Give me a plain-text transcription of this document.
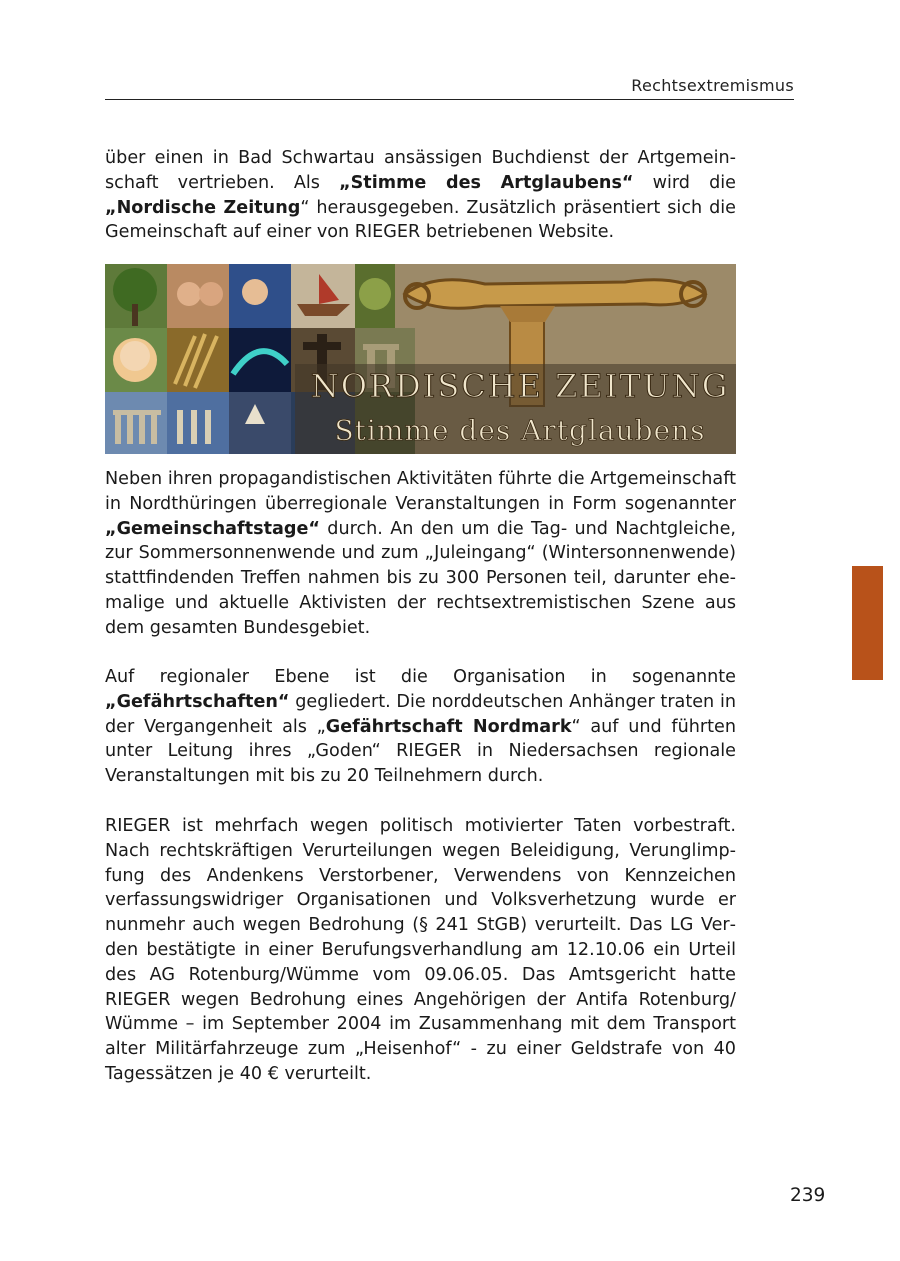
Rechtsextremismus

über einen in Bad Schwartau ansässigen Buchdienst der Artgemeinschaft vertrieben. Als „Stimme des Artglaubens“ wird die „Nordische Zeitung“ herausgegeben. Zusätzlich präsentiert sich die Gemeinschaft auf einer von RIEGER betriebenen Website.

NORDISCHE ZEITUNG
Stimme des Artglaubens

Neben ihren propagandistischen Aktivitäten führte die Artgemeinschaft in Nordthüringen überregionale Veranstaltungen in Form sogenannter „Gemeinschaftstage“ durch. An den um die Tag- und Nachtgleiche, zur Sommersonnenwende und zum „Juleingang“ (Wintersonnenwende) stattfindenden Treffen nahmen bis zu 300 Personen teil, darunter ehemalige und aktuelle Aktivisten der rechtsextremistischen Szene aus dem gesamten Bundesgebiet.

Auf regionaler Ebene ist die Organisation in sogenannte „Gefährtschaften“ gegliedert. Die norddeutschen Anhänger traten in der Vergangenheit als „Gefährtschaft Nordmark“ auf und führten unter Leitung ihres „Goden“ RIEGER in Niedersachsen regionale Veranstaltungen mit bis zu 20 Teilnehmern durch.

RIEGER ist mehrfach wegen politisch motivierter Taten vorbestraft. Nach rechtskräftigen Verurteilungen wegen Beleidigung, Verunglimpfung des Andenkens Verstorbener, Verwendens von Kennzeichen verfassungswidriger Organisationen und Volksverhetzung wurde er nunmehr auch wegen Bedrohung (§ 241 StGB) verurteilt. Das LG Verden bestätigte in einer Berufungsverhandlung am 12.10.06 ein Urteil des AG Rotenburg/Wümme vom 09.06.05. Das Amtsgericht hatte RIEGER wegen Bedrohung eines Angehörigen der Antifa Rotenburg/ Wümme – im September 2004 im Zusammenhang mit dem Transport alter Militärfahrzeuge zum „Heisenhof“ - zu einer Geldstrafe von 40 Tagessätzen je 40 € verurteilt.

239
